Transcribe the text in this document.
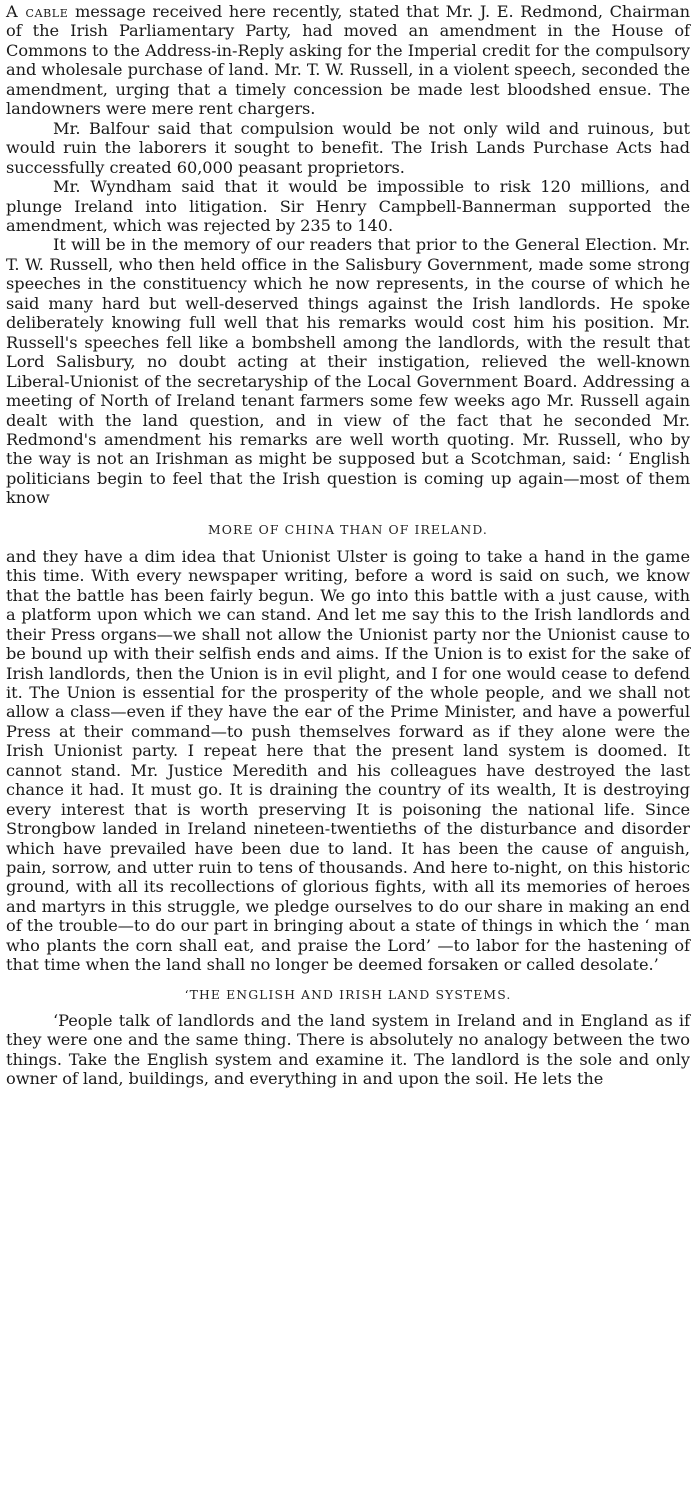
A cable message received here recently, stated that Mr. J. E. Redmond, Chairman of the Irish Parliamentary Party, had moved an amendment in the House of Commons to the Address-in-Reply asking for the Imperial credit for the compulsory and wholesale purchase of land. Mr. T. W. Russell, in a violent speech, seconded the amendment, urging that a timely concession be made lest bloodshed ensue. The landowners were mere rent chargers.

Mr. Balfour said that compulsion would be not only wild and ruinous, but would ruin the laborers it sought to benefit. The Irish Lands Purchase Acts had successfully created 60,000 peasant proprietors.

Mr. Wyndham said that it would be impossible to risk 120 millions, and plunge Ireland into litigation. Sir Henry Campbell-Bannerman supported the amendment, which was rejected by 235 to 140.

It will be in the memory of our readers that prior to the General Election. Mr. T. W. Russell, who then held office in the Salisbury Government, made some strong speeches in the constituency which he now represents, in the course of which he said many hard but well-deserved things against the Irish landlords. He spoke deliberately knowing full well that his remarks would cost him his position. Mr. Russell's speeches fell like a bombshell among the landlords, with the result that Lord Salisbury, no doubt acting at their instigation, relieved the well-known Liberal-Unionist of the secretaryship of the Local Government Board. Addressing a meeting of North of Ireland tenant farmers some few weeks ago Mr. Russell again dealt with the land question, and in view of the fact that he seconded Mr. Redmond's amendment his remarks are well worth quoting. Mr. Russell, who by the way is not an Irishman as might be supposed but a Scotchman, said: ‘ English politicians begin to feel that the Irish question is coming up again—most of them know

MORE OF CHINA THAN OF IRELAND.

and they have a dim idea that Unionist Ulster is going to take a hand in the game this time. With every newspaper writing, before a word is said on such, we know that the battle has been fairly begun. We go into this battle with a just cause, with a platform upon which we can stand. And let me say this to the Irish landlords and their Press organs—we shall not allow the Unionist party nor the Unionist cause to be bound up with their selfish ends and aims. If the Union is to exist for the sake of Irish landlords, then the Union is in evil plight, and I for one would cease to defend it. The Union is essential for the prosperity of the whole people, and we shall not allow a class—even if they have the ear of the Prime Minister, and have a powerful Press at their command—to push themselves forward as if they alone were the Irish Unionist party. I repeat here that the present land system is doomed. It cannot stand. Mr. Justice Meredith and his colleagues have destroyed the last chance it had. It must go. It is draining the country of its wealth, It is destroying every interest that is worth preserving It is poisoning the national life. Since Strongbow landed in Ireland nineteen-twentieths of the disturbance and disorder which have prevailed have been due to land. It has been the cause of anguish, pain, sorrow, and utter ruin to tens of thousands. And here to-night, on this historic ground, with all its recollections of glorious fights, with all its memories of heroes and martyrs in this struggle, we pledge ourselves to do our share in making an end of the trouble—to do our part in bringing about a state of things in which the ‘ man who plants the corn shall eat, and praise the Lord’ —to labor for the hastening of that time when the land shall no longer be deemed forsaken or called desolate.’

‘THE ENGLISH AND IRISH LAND SYSTEMS.

‘People talk of landlords and the land system in Ireland and in England as if they were one and the same thing. There is absolutely no analogy between the two things. Take the English system and examine it. The landlord is the sole and only owner of land, buildings, and everything in and upon the soil. He lets the
